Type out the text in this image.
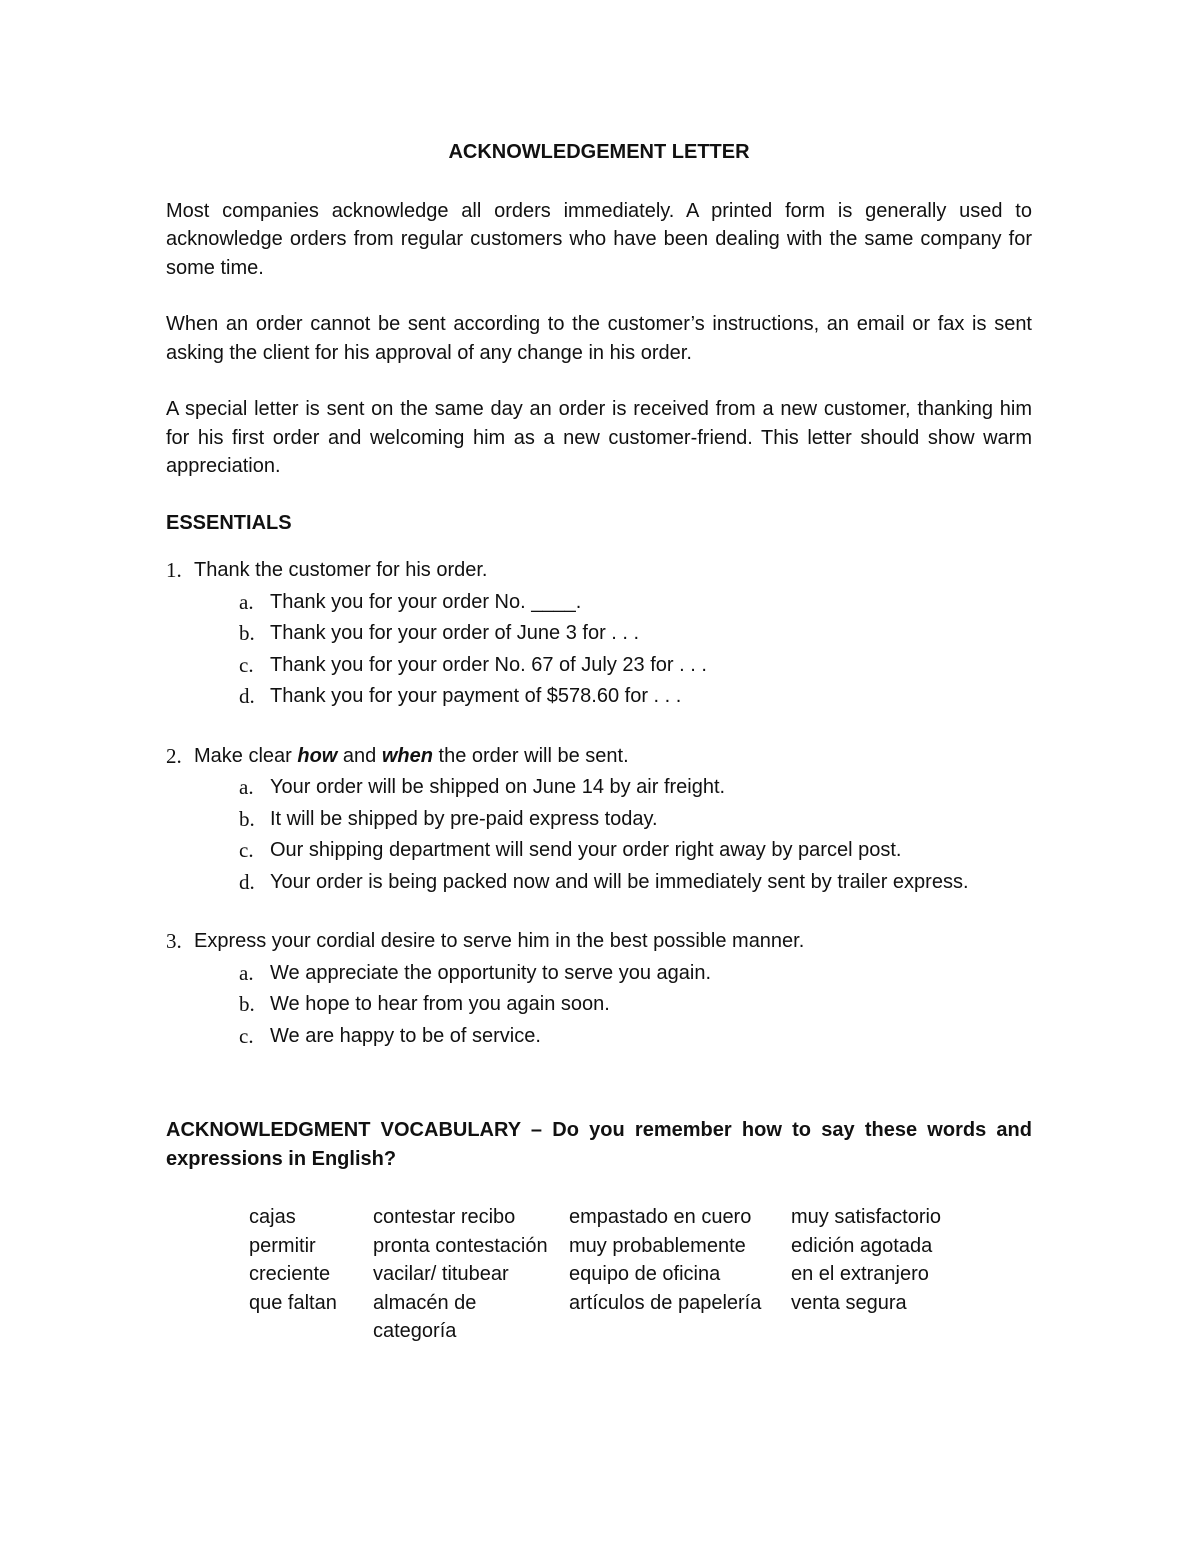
ACKNOWLEDGEMENT LETTER

Most companies acknowledge all orders immediately. A printed form is generally used to acknowledge orders from regular customers who have been dealing with the same company for some time.

When an order cannot be sent according to the customer’s instructions, an email or fax is sent asking the client for his approval of any change in his order.

A special letter is sent on the same day an order is received from a new customer, thanking him for his first order and welcoming him as a new customer-friend. This letter should show warm appreciation.

ESSENTIALS
1. Thank the customer for his order.
a. Thank you for your order No. ____.
b. Thank you for your order of June 3 for . . .
c. Thank you for your order No. 67 of July 23 for . . .
d. Thank you for your payment of $578.60 for . . .
2. Make clear how and when the order will be sent.
a. Your order will be shipped on June 14 by air freight.
b. It will be shipped by pre-paid express today.
c. Our shipping department will send your order right away by parcel post.
d. Your order is being packed now and will be immediately sent by trailer express.
3. Express your cordial desire to serve him in the best possible manner.
a. We appreciate the opportunity to serve you again.
b. We hope to hear from you again soon.
c. We are happy to be of service.
ACKNOWLEDGMENT VOCABULARY – Do you remember how to say these words and expressions in English?
cajas
permitir
creciente
que faltan
contestar recibo
pronta contestación
vacilar/ titubear
almacén de
categoría
empastado en cuero
muy probablemente
equipo de oficina
artículos de papelería
muy satisfactorio
edición agotada
en el extranjero
venta segura
